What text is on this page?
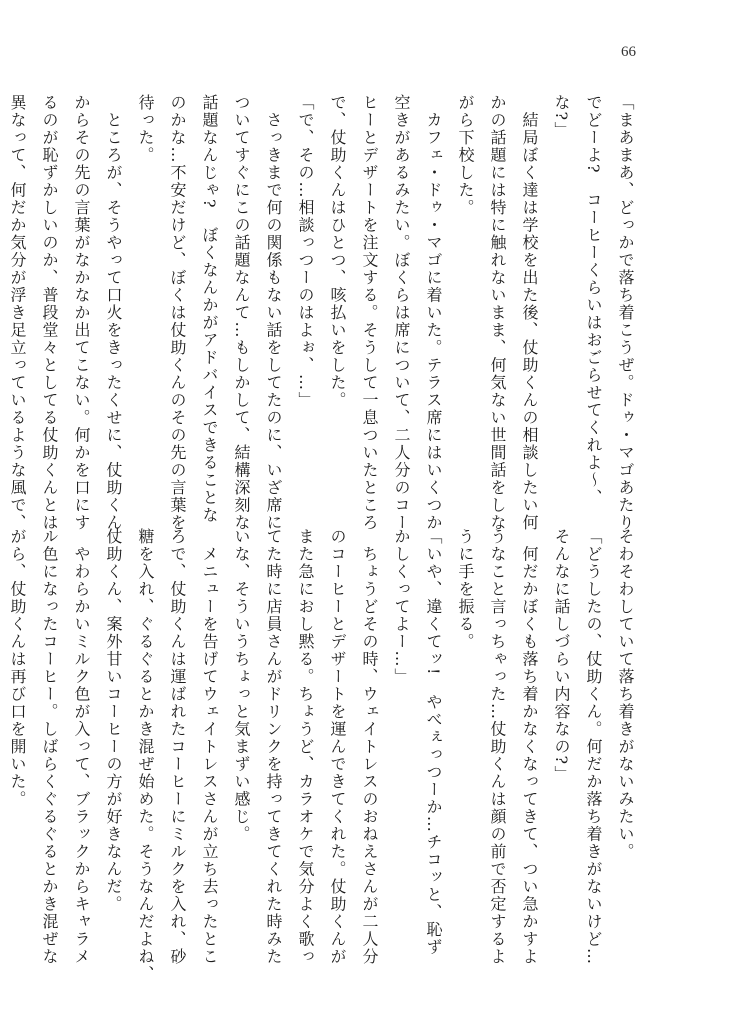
66
「まあまあ、どっかで落ち着こうぜ。ドゥ・マゴあたり
でどーよ?　コーヒーくらいはおごらせてくれよ〜、
な?」
　結局ぼく達は学校を出た後、仗助くんの相談したい何
かの話題には特に触れないまま、何気ない世間話をしな
がら下校した。
　カフェ・ドゥ・マゴに着いた。テラス席にはいくつか
空きがあるみたい。ぼくらは席について、二人分のコー
ヒーとデザートを注文する。そうして一息ついたところ
で、仗助くんはひとつ、咳払いをした。
「で、その…相談っつーのはよぉ、…」
　さっきまで何の関係もない話をしてたのに、いざ席に
ついてすぐにこの話題なんて…もしかして、結構深刻な
話題なんじゃ?　ぼくなんかがアドバイスできることな
のかな…不安だけど、ぼくは仗助くんのその先の言葉を
待った。
　ところが、そうやって口火をきったくせに、仗助くん
からその先の言葉がなかなか出てこない。何かを口にす
るのが恥ずかしいのか、普段堂々としてる仗助くんとは
異なって、何だか気分が浮き足立っているような風で、
そわそわしていて落ち着きがないみたい。
「どうしたの、仗助くん。何だか落ち着きがないけど…
そんなに話しづらい内容なの?」
　何だかぼくも落ち着かなくなってきて、つい急かすよ
うなこと言っちゃった…仗助くんは顔の前で否定するよ
うに手を振る。
「いや、違くてッ!　やべぇっつーか…チコッと、恥ず
かしくってよー…」
　ちょうどその時、ウェイトレスのおねえさんが二人分
のコーヒーとデザートを運んできてくれた。仗助くんが
また急におし黙る。ちょうど、カラオケで気分よく歌っ
てた時に店員さんがドリンクを持ってきてくれた時みた
いな、そういうちょっと気まずい感じ。
　メニューを告げてウェイトレスさんが立ち去ったとこ
ろで、仗助くんは運ばれたコーヒーにミルクを入れ、砂
糖を入れ、ぐるぐるとかき混ぜ始めた。そうなんだよね、
仗助くん、案外甘いコーヒーの方が好きなんだ。
　やわらかいミルク色が入って、ブラックからキャラメ
ル色になったコーヒー。しばらくぐるぐるとかき混ぜな
がら、仗助くんは再び口を開いた。
